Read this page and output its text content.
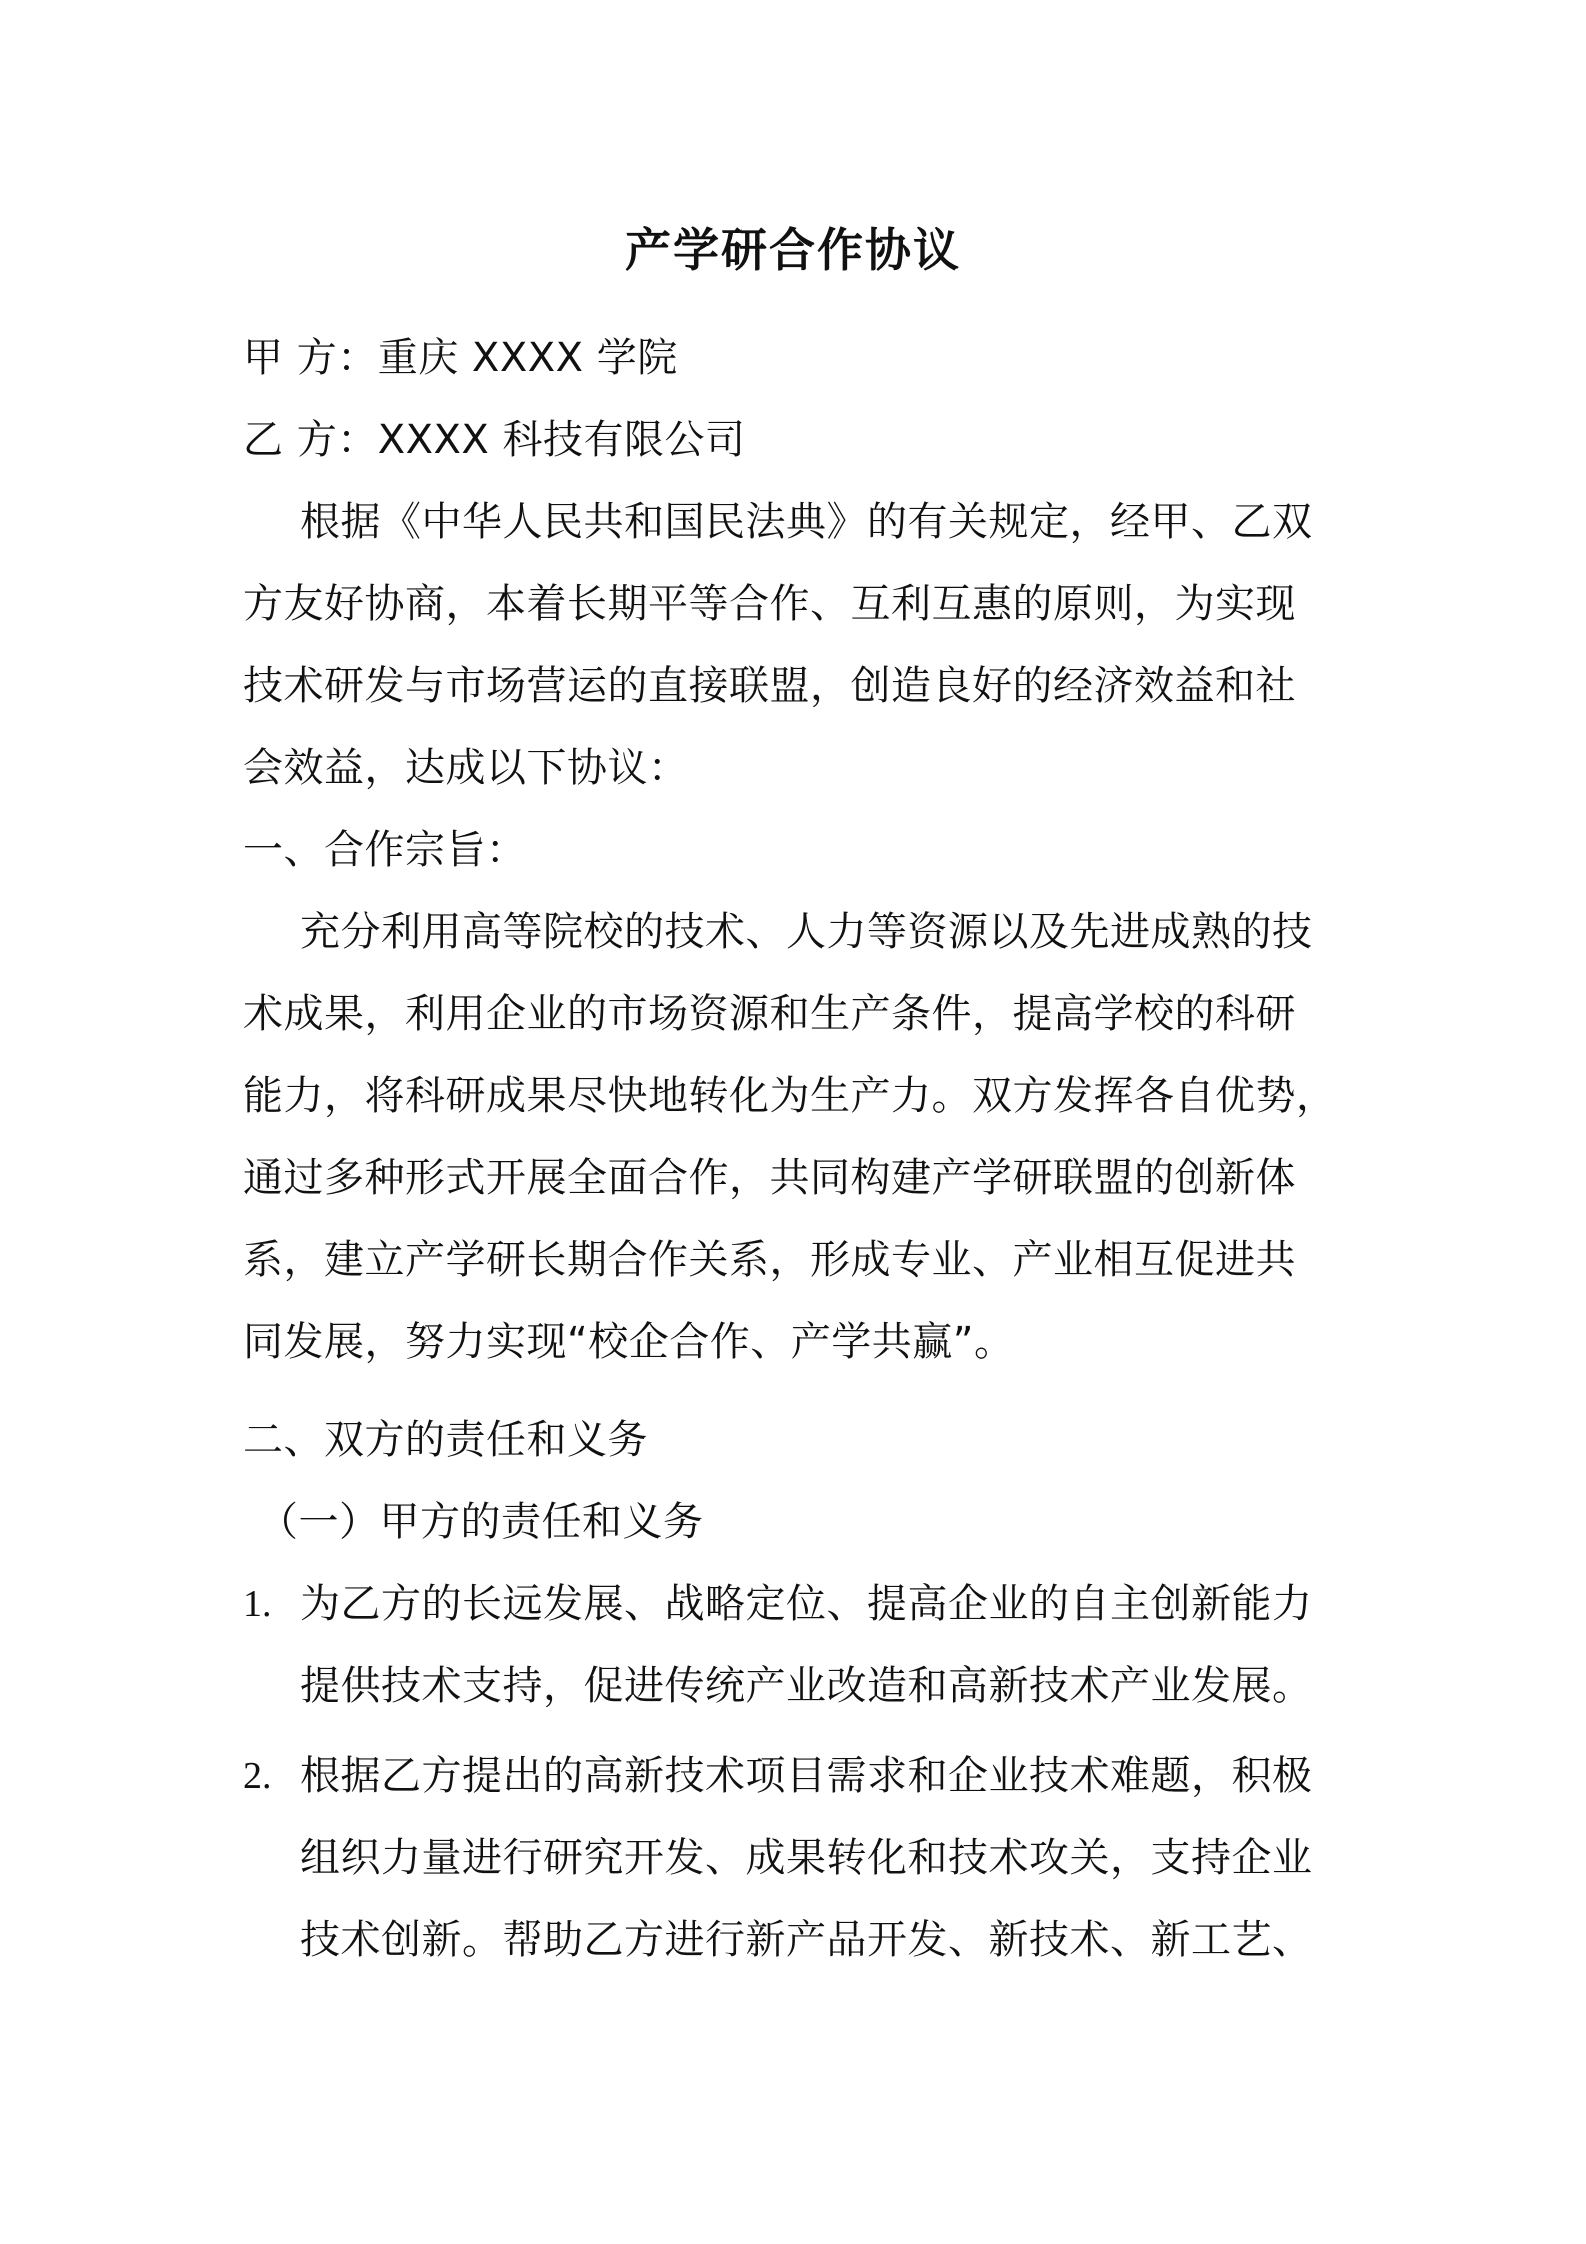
产学研合作协议
甲 方：重庆 XXXX 学院
乙 方：XXXX 科技有限公司
根据《中华人民共和国民法典》的有关规定，经甲、乙双
方友好协商，本着长期平等合作、互利互惠的原则，为实现
技术研发与市场营运的直接联盟，创造良好的经济效益和社
会效益，达成以下协议：
一、合作宗旨：
充分利用高等院校的技术、人力等资源以及先进成熟的技
术成果，利用企业的市场资源和生产条件，提高学校的科研
能力，将科研成果尽快地转化为生产力。双方发挥各自优势，
通过多种形式开展全面合作，共同构建产学研联盟的创新体
系，建立产学研长期合作关系，形成专业、产业相互促进共
同发展，努力实现“校企合作、产学共赢”。
二、双方的责任和义务
（一）甲方的责任和义务
1. 为乙方的长远发展、战略定位、提高企业的自主创新能力
提供技术支持，促进传统产业改造和高新技术产业发展。
2. 根据乙方提出的高新技术项目需求和企业技术难题，积极
组织力量进行研究开发、成果转化和技术攻关，支持企业
技术创新。帮助乙方进行新产品开发、新技术、新工艺、
